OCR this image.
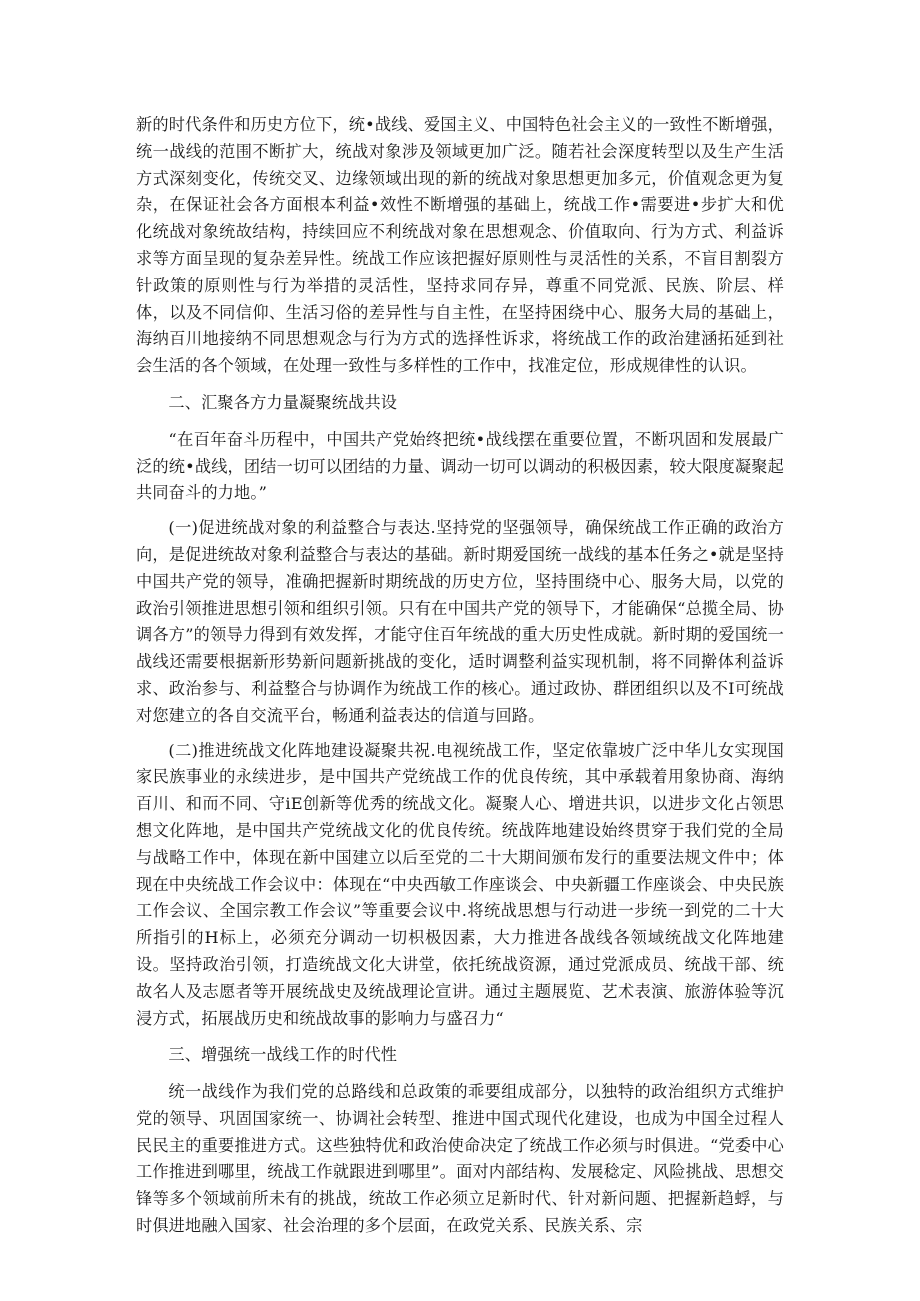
新的时代条件和历史方位下，统•战线、爱国主义、中国特色社会主义的一致性不断增强，统一战线的范围不断扩大，统战对象涉及领域更加广泛。随若社会深度转型以及生产生活方式深刻变化，传统交叉、边缘领域出现的新的统战对象思想更加多元，价值观念更为复杂，在保证社会各方面根本利益•效性不断增强的基础上，统战工作•需要进•步扩大和优化统战对象统故结构，持续回应不利统战对象在思想观念、价值取向、行为方式、利益诉求等方面呈现的复杂差异性。统战工作应该把握好原则性与灵活性的关系，不盲目割裂方针政策的原则性与行为举措的灵活性，坚持求同存异，尊重不同党派、民族、阶层、样体，以及不同信仰、生活习俗的差异性与自主性，在坚持困绕中心、服务大局的基础上，海纳百川地接纳不同思想观念与行为方式的选择性诉求，将统战工作的政治建涵拓延到社会生活的各个领域，在处理一致性与多样性的工作中，找准定位，形成规律性的认识。

二、汇聚各方力量凝聚统战共设

“在百年奋斗历程中，中国共产党始终把统•战线摆在重要位置，不断巩固和发展最广泛的统•战线，团结一切可以团结的力量、调动一切可以调动的积极因素，较大限度凝聚起共同奋斗的力地。”

(一)促进统战对象的利益整合与表达.坚持党的坚强领导，确保统战工作正确的政治方向，是促进统故对象利益整合与表达的基础。新时期爱国统一战线的基本任务之•就是坚持中国共产党的领导，准确把握新时期统战的历史方位，坚持围绕中心、服务大局，以党的政治引领推进思想引领和组织引领。只有在中国共产党的领导下，才能确保“总揽全局、协调各方”的领导力得到有效发挥，才能守住百年统战的重大历史性成就。新时期的爱国统一战线还需要根据新形势新问题新挑战的变化，适时调整利益实现机制，将不同擀体利益诉求、政治参与、利益整合与协调作为统战工作的核心。通过政协、群团组织以及不I可统战对您建立的各自交流平台，畅通利益表达的信道与回路。

(二)推进统战文化阵地建设凝聚共祝.电视统战工作，坚定依靠坡广泛中华儿女实现国家民族事业的永续进步，是中国共产党统战工作的优良传统，其中承载着用象协商、海纳百川、和而不同、守iE创新等优秀的统战文化。凝聚人心、增进共识，以进步文化占领思想文化阵地，是中国共产党统战文化的优良传统。统战阵地建设始终贯穿于我们党的全局与战略工作中，体现在新中国建立以后至党的二十大期间颁布发行的重要法规文件中；体现在中央统战工作会议中：体现在“中央西敏工作座谈会、中央新疆工作座谈会、中央民族工作会议、全国宗教工作会议”等重要会议中.将统战思想与行动进一步统一到党的二十大所指引的H标上，必须充分调动一切枳极因素，大力推进各战线各领域统战文化阵地建设。坚持政治引领，打造统战文化大讲堂，依托统战资源，通过党派成员、统战干部、统故名人及志愿者等开展统战史及统战理论宣讲。通过主题展览、艺术表演、旅游体验等沉浸方式，拓展战历史和统战故事的影响力与盛召力“

三、增强统一战线工作的时代性

统一战线作为我们党的总路线和总政策的乖要组成部分，以独特的政治组织方式维护党的领导、巩固国家统一、协调社会转型、推进中国式现代化建设，也成为中国全过程人民民主的重要推进方式。这些独特优和政治使命决定了统战工作必须与时俱进。“党委中心工作推进到哪里，统战工作就跟进到哪里”。面对内部结构、发展稔定、风险挑战、思想交锋等多个领域前所未有的挑战，统故工作必须立足新时代、针对新问题、把握新趋蜉，与时俱进地融入国家、社会治理的多个层面，在政党关系、民族关系、宗
